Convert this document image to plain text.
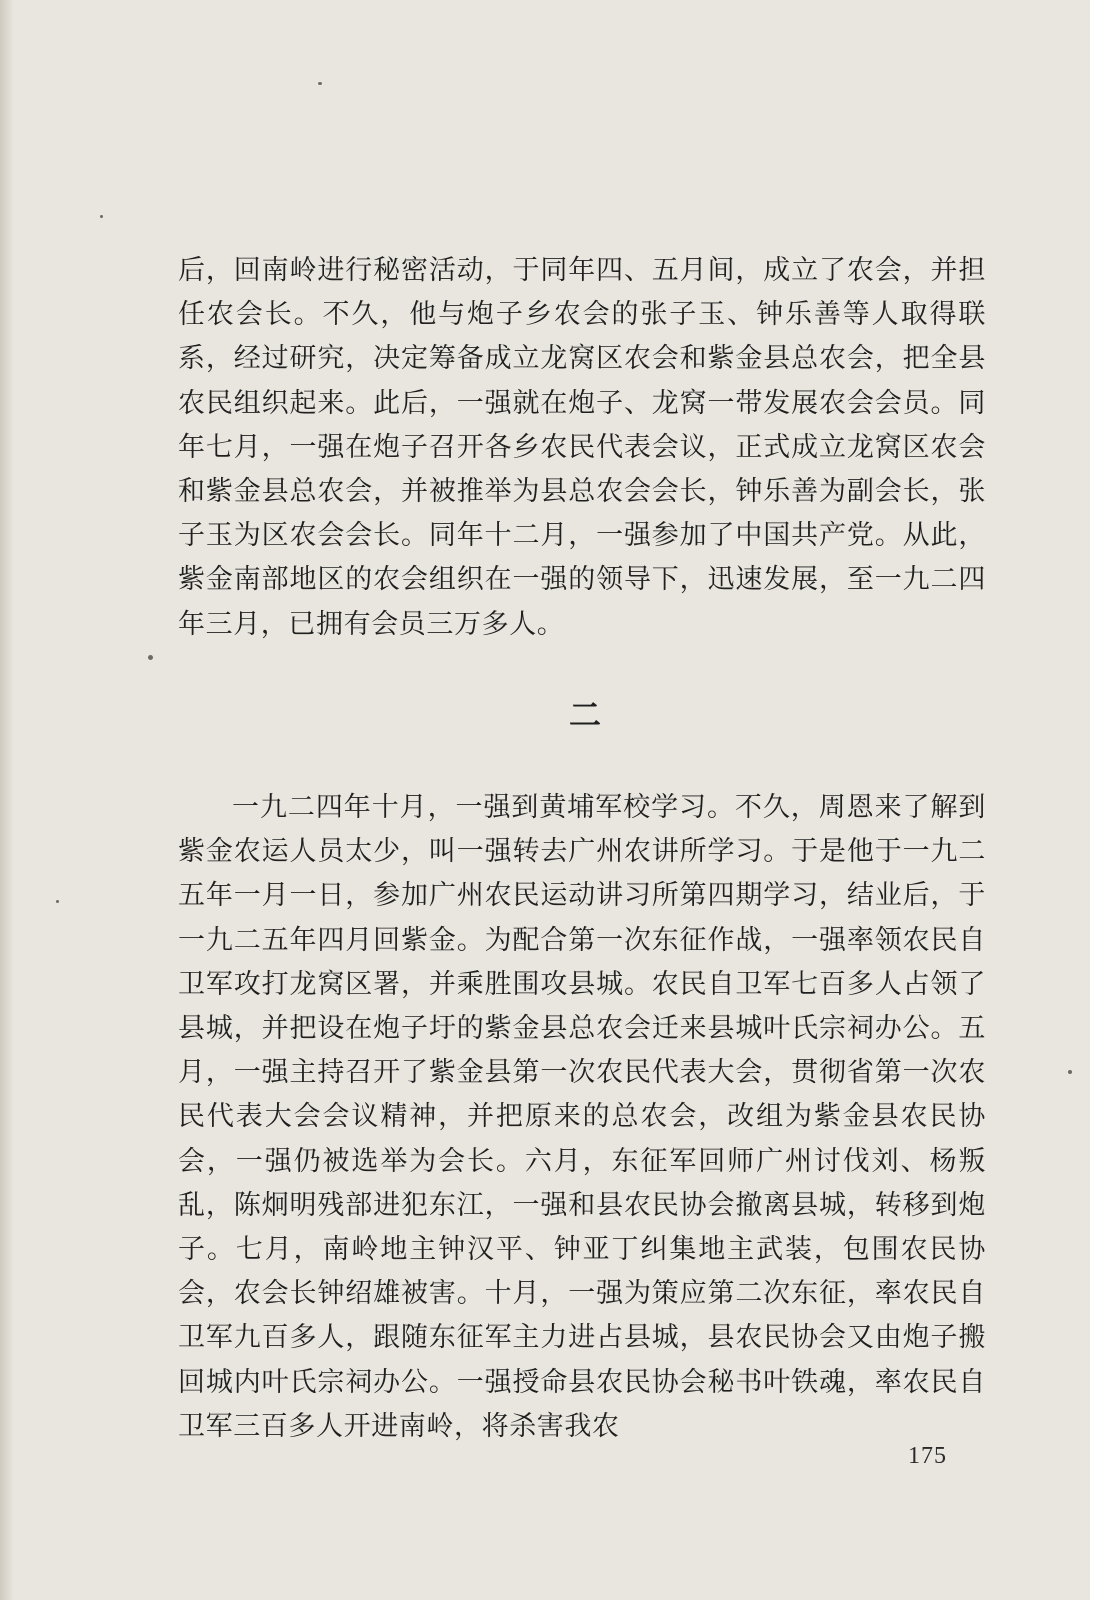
后，回南岭进行秘密活动，于同年四、五月间，成立了农会，并担任农会长。不久，他与炮子乡农会的张子玉、钟乐善等人取得联系，经过研究，决定筹备成立龙窝区农会和紫金县总农会，把全县农民组织起来。此后，一强就在炮子、龙窝一带发展农会会员。同年七月，一强在炮子召开各乡农民代表会议，正式成立龙窝区农会和紫金县总农会，并被推举为县总农会会长，钟乐善为副会长，张子玉为区农会会长。同年十二月，一强参加了中国共产党。从此，紫金南部地区的农会组织在一强的领导下，迅速发展，至一九二四年三月，已拥有会员三万多人。

二

一九二四年十月，一强到黄埔军校学习。不久，周恩来了解到紫金农运人员太少，叫一强转去广州农讲所学习。于是他于一九二五年一月一日，参加广州农民运动讲习所第四期学习，结业后，于一九二五年四月回紫金。为配合第一次东征作战，一强率领农民自卫军攻打龙窝区署，并乘胜围攻县城。农民自卫军七百多人占领了县城，并把设在炮子圩的紫金县总农会迁来县城叶氏宗祠办公。五月，一强主持召开了紫金县第一次农民代表大会，贯彻省第一次农民代表大会会议精神，并把原来的总农会，改组为紫金县农民协会，一强仍被选举为会长。六月，东征军回师广州讨伐刘、杨叛乱，陈炯明残部进犯东江，一强和县农民协会撤离县城，转移到炮子。七月，南岭地主钟汉平、钟亚丁纠集地主武装，包围农民协会，农会长钟绍雄被害。十月，一强为策应第二次东征，率农民自卫军九百多人，跟随东征军主力进占县城，县农民协会又由炮子搬回城内叶氏宗祠办公。一强授命县农民协会秘书叶铁魂，率农民自卫军三百多人开进南岭，将杀害我农

175
